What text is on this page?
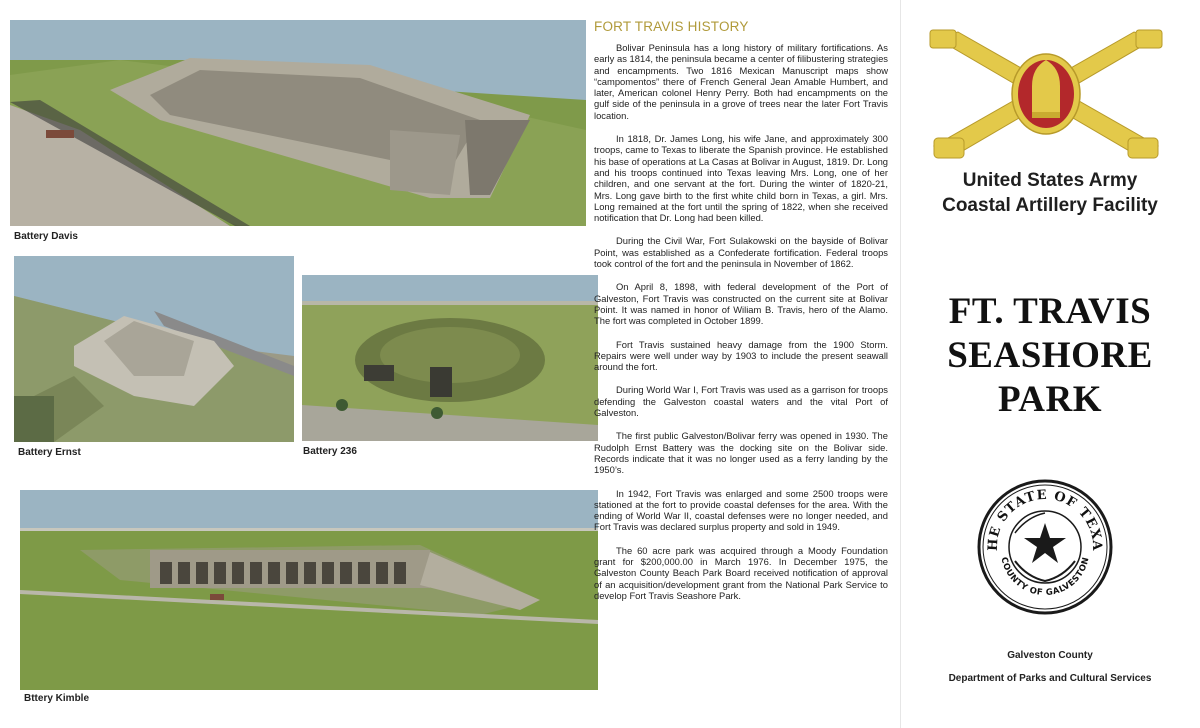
Battery Davis
Battery Ernst	Battery 236
Bttery Kimble
FORT TRAVIS HISTORY

Bolivar Peninsula has a long history of military fortifications. As early as 1814, the peninsula became a center of filibustering strategies and encampments. Two 1816 Mexican Manuscript maps show “campomentos” there of French General Jean Amable Humbert, and later, American colonel Henry Perry. Both had encampments on the gulf side of the peninsula in a grove of trees near the later Fort Travis location.

In 1818, Dr. James Long, his wife Jane, and approximately 300 troops, came to Texas to liberate the Spanish province. He established his base of operations at La Casas at Bolivar in August, 1819. Dr. Long and his troops continued into Texas leaving Mrs. Long, one of her children, and one servant at the fort. During the winter of 1820-21, Mrs. Long gave birth to the first white child born in Texas, a girl. Mrs. Long remained at the fort until the spring of 1822, when she received notification that Dr. Long had been killed.

During the Civil War, Fort Sulakowski on the bayside of Bolivar Point, was established as a Confederate fortification. Federal troops took control of the fort and the peninsula in November of 1862.

On April 8, 1898, with federal development of the Port of Galveston, Fort Travis was constructed on the current site at Bolivar Point. It was named in honor of Wiliam B. Travis, hero of the Alamo. The fort was completed in October 1899.

Fort Travis sustained heavy damage from the 1900 Storm. Repairs were well under way by 1903 to include the present seawall around the fort.

During World War I, Fort Travis was used as a garrison for troops defending the Galveston coastal waters and the vital Port of Galveston.

The first public Galveston/Bolivar ferry was opened in 1930. The Rudolph Ernst Battery was the docking site on the Bolivar side. Records indicate that it was no longer used as a ferry landing by the 1950’s.

In 1942, Fort Travis was enlarged and some 2500 troops were stationed at the fort to provide coastal defenses for the area. With the ending of World War II, coastal defenses were no longer needed, and Fort Travis was declared surplus property and sold in 1949.

The 60 acre park was acquired through a Moody Foundation grant for $200,000.00 in March 1976. In December 1975, the Galveston County Beach Park Board received notification of approval of an acquisition/development grant from the National Park Service to develop Fort Travis Seashore Park.

United States Army
Coastal Artillery Facility
FT. TRAVIS
SEASHORE
PARK
HE STATE OF TEXA
COUNTY OF GALVESTON
Galveston County
Department of Parks and Cultural Services
